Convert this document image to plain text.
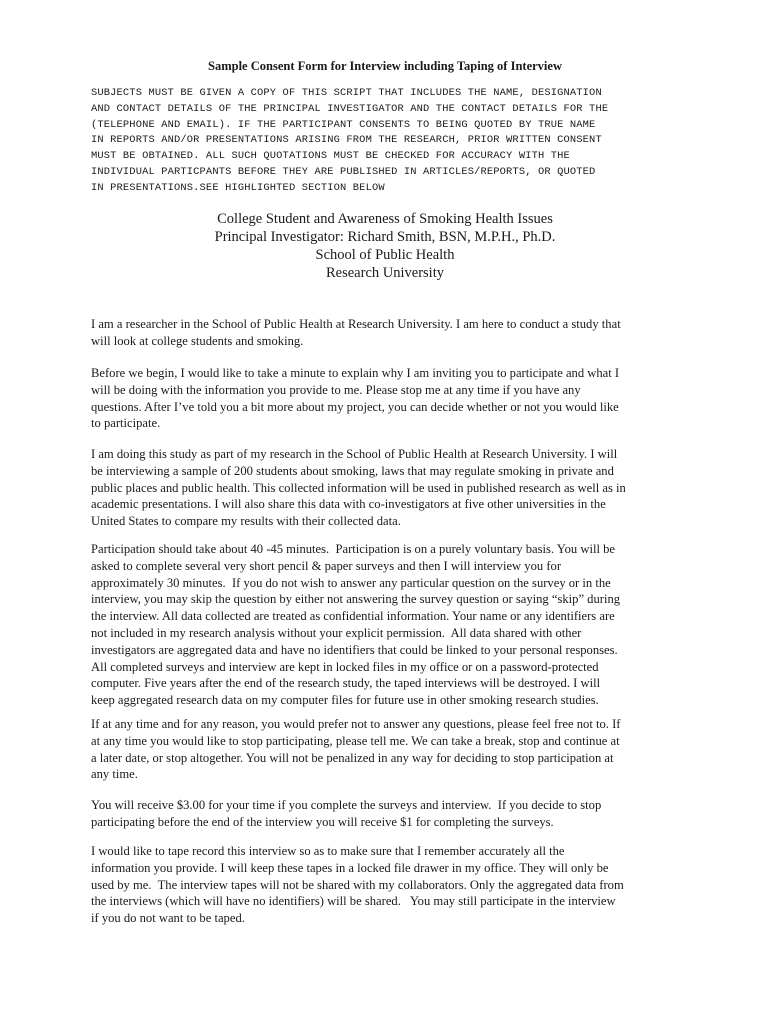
Sample Consent Form for Interview including Taping of Interview

SUBJECTS MUST BE GIVEN A COPY OF THIS SCRIPT THAT INCLUDES THE NAME, DESIGNATION
AND CONTACT DETAILS OF THE PRINCIPAL INVESTIGATOR AND THE CONTACT DETAILS FOR THE
(TELEPHONE AND EMAIL). IF THE PARTICIPANT CONSENTS TO BEING QUOTED BY TRUE NAME
IN REPORTS AND/OR PRESENTATIONS ARISING FROM THE RESEARCH, PRIOR WRITTEN CONSENT
MUST BE OBTAINED. ALL SUCH QUOTATIONS MUST BE CHECKED FOR ACCURACY WITH THE
INDIVIDUAL PARTICPANTS BEFORE THEY ARE PUBLISHED IN ARTICLES/REPORTS, OR QUOTED
IN PRESENTATIONS.SEE HIGHLIGHTED SECTION BELOW

College Student and Awareness of Smoking Health Issues
Principal Investigator: Richard Smith, BSN, M.P.H., Ph.D.
School of Public Health
Research University

I am a researcher in the School of Public Health at Research University. I am here to conduct a study that
will look at college students and smoking.

Before we begin, I would like to take a minute to explain why I am inviting you to participate and what I
will be doing with the information you provide to me. Please stop me at any time if you have any
questions. After I’ve told you a bit more about my project, you can decide whether or not you would like
to participate.

I am doing this study as part of my research in the School of Public Health at Research University. I will
be interviewing a sample of 200 students about smoking, laws that may regulate smoking in private and
public places and public health. This collected information will be used in published research as well as in
academic presentations. I will also share this data with co-investigators at five other universities in the
United States to compare my results with their collected data.

Participation should take about 40 -45 minutes.  Participation is on a purely voluntary basis. You will be
asked to complete several very short pencil & paper surveys and then I will interview you for
approximately 30 minutes.  If you do not wish to answer any particular question on the survey or in the
interview, you may skip the question by either not answering the survey question or saying “skip” during
the interview. All data collected are treated as confidential information. Your name or any identifiers are
not included in my research analysis without your explicit permission.  All data shared with other
investigators are aggregated data and have no identifiers that could be linked to your personal responses.
All completed surveys and interview are kept in locked files in my office or on a password-protected
computer. Five years after the end of the research study, the taped interviews will be destroyed. I will
keep aggregated research data on my computer files for future use in other smoking research studies.

If at any time and for any reason, you would prefer not to answer any questions, please feel free not to. If
at any time you would like to stop participating, please tell me. We can take a break, stop and continue at
a later date, or stop altogether. You will not be penalized in any way for deciding to stop participation at
any time.

You will receive $3.00 for your time if you complete the surveys and interview.  If you decide to stop
participating before the end of the interview you will receive $1 for completing the surveys.

I would like to tape record this interview so as to make sure that I remember accurately all the
information you provide. I will keep these tapes in a locked file drawer in my office. They will only be
used by me.  The interview tapes will not be shared with my collaborators. Only the aggregated data from
the interviews (which will have no identifiers) will be shared.   You may still participate in the interview
if you do not want to be taped.
